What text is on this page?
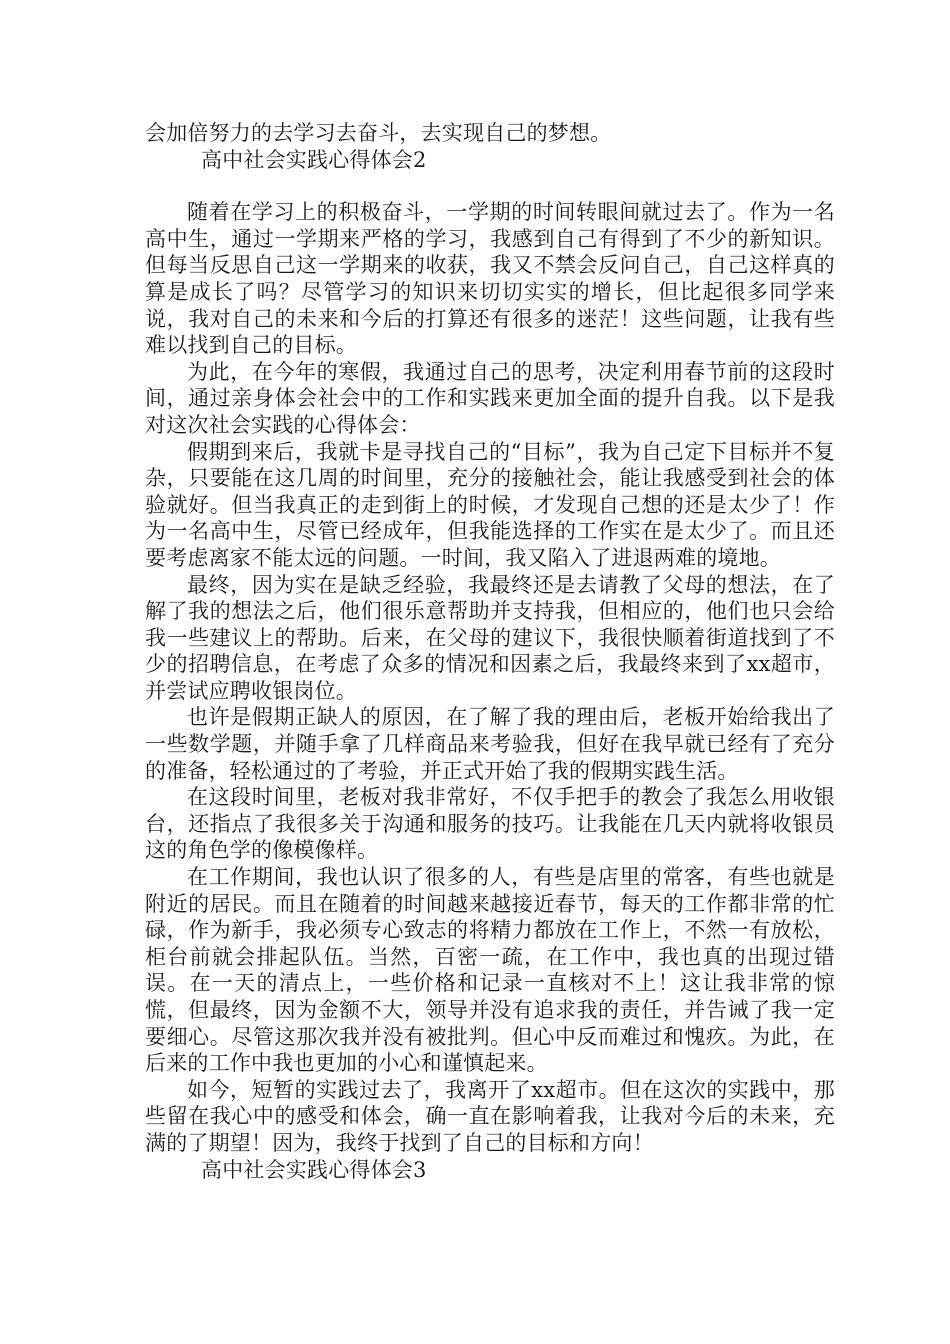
会加倍努力的去学习去奋斗，去实现自己的梦想。

高中社会实践心得体会2

随着在学习上的积极奋斗，一学期的时间转眼间就过去了。作为一名高中生，通过一学期来严格的学习，我感到自己有得到了不少的新知识。但每当反思自己这一学期来的收获，我又不禁会反问自己，自己这样真的算是成长了吗？尽管学习的知识来切切实实的增长，但比起很多同学来说，我对自己的未来和今后的打算还有很多的迷茫！这些问题，让我有些难以找到自己的目标。

为此，在今年的寒假，我通过自己的思考，决定利用春节前的这段时间，通过亲身体会社会中的工作和实践来更加全面的提升自我。以下是我对这次社会实践的心得体会：

假期到来后，我就卡是寻找自己的“目标”，我为自己定下目标并不复杂，只要能在这几周的时间里，充分的接触社会，能让我感受到社会的体验就好。但当我真正的走到街上的时候，才发现自己想的还是太少了！作为一名高中生，尽管已经成年，但我能选择的工作实在是太少了。而且还要考虑离家不能太远的问题。一时间，我又陷入了进退两难的境地。

最终，因为实在是缺乏经验，我最终还是去请教了父母的想法，在了解了我的想法之后，他们很乐意帮助并支持我，但相应的，他们也只会给我一些建议上的帮助。后来，在父母的建议下，我很快顺着街道找到了不少的招聘信息，在考虑了众多的情况和因素之后，我最终来到了xx超市，并尝试应聘收银岗位。

也许是假期正缺人的原因，在了解了我的理由后，老板开始给我出了一些数学题，并随手拿了几样商品来考验我，但好在我早就已经有了充分的准备，轻松通过的了考验，并正式开始了我的假期实践生活。

在这段时间里，老板对我非常好，不仅手把手的教会了我怎么用收银台，还指点了我很多关于沟通和服务的技巧。让我能在几天内就将收银员这的角色学的像模像样。

在工作期间，我也认识了很多的人，有些是店里的常客，有些也就是附近的居民。而且在随着的时间越来越接近春节，每天的工作都非常的忙碌，作为新手，我必须专心致志的将精力都放在工作上，不然一有放松，柜台前就会排起队伍。当然，百密一疏，在工作中，我也真的出现过错误。在一天的清点上，一些价格和记录一直核对不上！这让我非常的惊慌，但最终，因为金额不大，领导并没有追求我的责任，并告诫了我一定要细心。尽管这那次我并没有被批判。但心中反而难过和愧疚。为此，在后来的工作中我也更加的小心和谨慎起来。

如今，短暂的实践过去了，我离开了xx超市。但在这次的实践中，那些留在我心中的感受和体会，确一直在影响着我，让我对今后的未来，充满的了期望！因为，我终于找到了自己的目标和方向！

高中社会实践心得体会3
